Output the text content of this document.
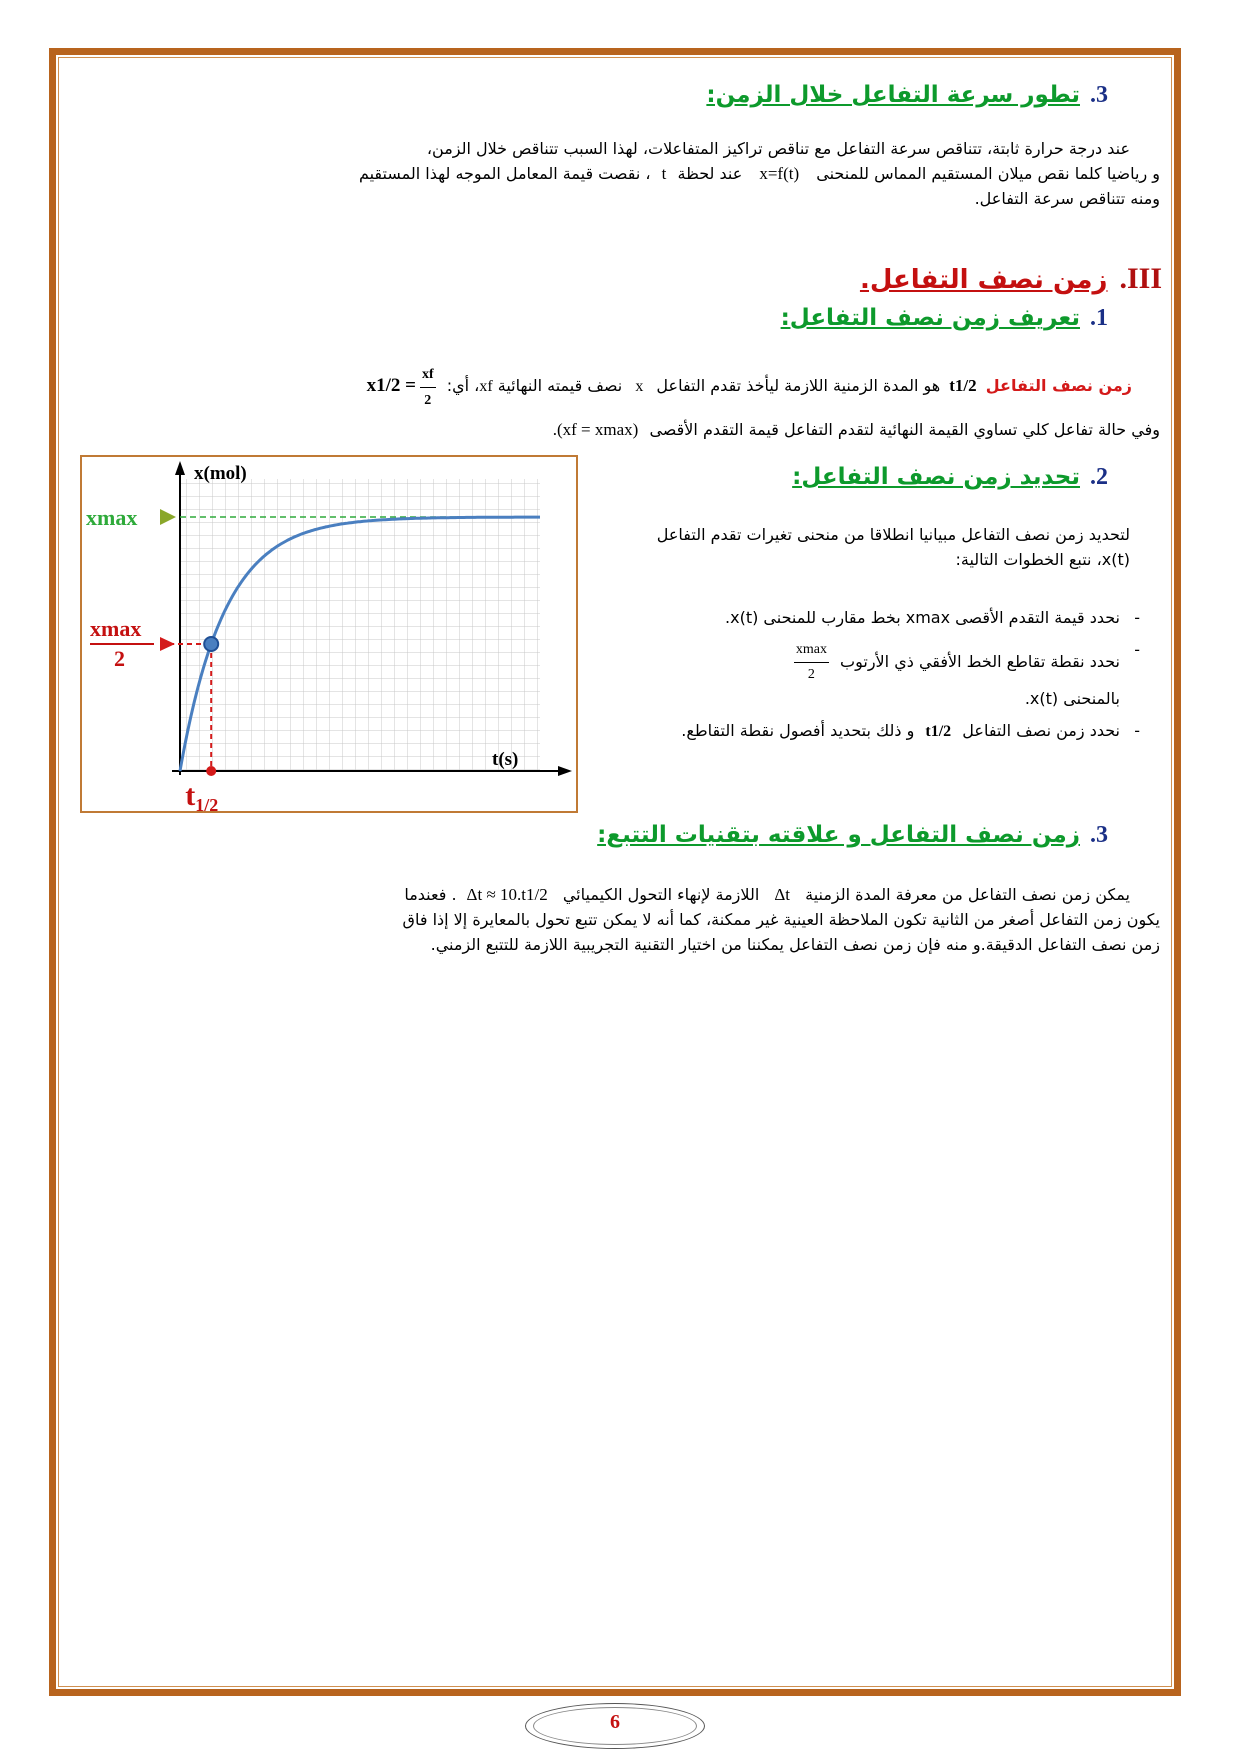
3.تطور سرعة التفاعل خلال الزمن:
عند درجة حرارة ثابتة، تتناقص سرعة التفاعل مع تناقص تراكيز المتفاعلات، لهذا السبب تتناقص خلال الزمن،
و رياضيا كلما نقص ميلان المستقيم المماس للمنحنى x=f(t) عند لحظة t ، نقصت قيمة المعامل الموجه لهذا المستقيم
ومنه تتناقص سرعة التفاعل.
III.زمن نصف التفاعل.
1.تعريف زمن نصف التفاعل:
زمن نصف التفاعل t1/2 هو المدة الزمنية اللازمة ليأخذ تقدم التفاعل x نصف قيمته النهائية xf، أي: $x1/2 = \frac{xf}{2}$
وفي حالة تفاعل كلي تساوي القيمة النهائية لتقدم التفاعل قيمة التقدم الأقصى (xf = xmax).
2.تحديد زمن نصف التفاعل:
لتحديد زمن نصف التفاعل مبيانيا انطلاقا من منحنى تغيرات تقدم التفاعل x(t)، نتبع الخطوات التالية:
- نحدد قيمة التقدم الأقصى xmax بخط مقارب للمنحنى x(t).
- نحدد نقطة تقاطع الخط الأفقي ذي الأرتوب
$\frac{xmax}{2}$

بالمنحنى x(t).
- نحدد زمن نصف التفاعل t1/2 و ذلك بتحديد أفصول نقطة التقاطع.
x(mol)
t(s)
xmax
xmax
2
$t_{1/2}$
3.زمن نصف التفاعل و علاقته بتقنيات التتبع:
يمكن زمن نصف التفاعل من معرفة المدة الزمنية Δt اللازمة لإنهاء التحول الكيميائي Δt ≈ 10.t1/2. فعندما
يكون زمن التفاعل أصغر من الثانية تكون الملاحظة العينية غير ممكنة، كما أنه لا يمكن تتبع تحول بالمعايرة إلا إذا فاق
زمن نصف التفاعل الدقيقة.و منه فإن زمن نصف التفاعل يمكننا من اختيار التقنية التجريبية اللازمة للتتبع الزمني.
6
